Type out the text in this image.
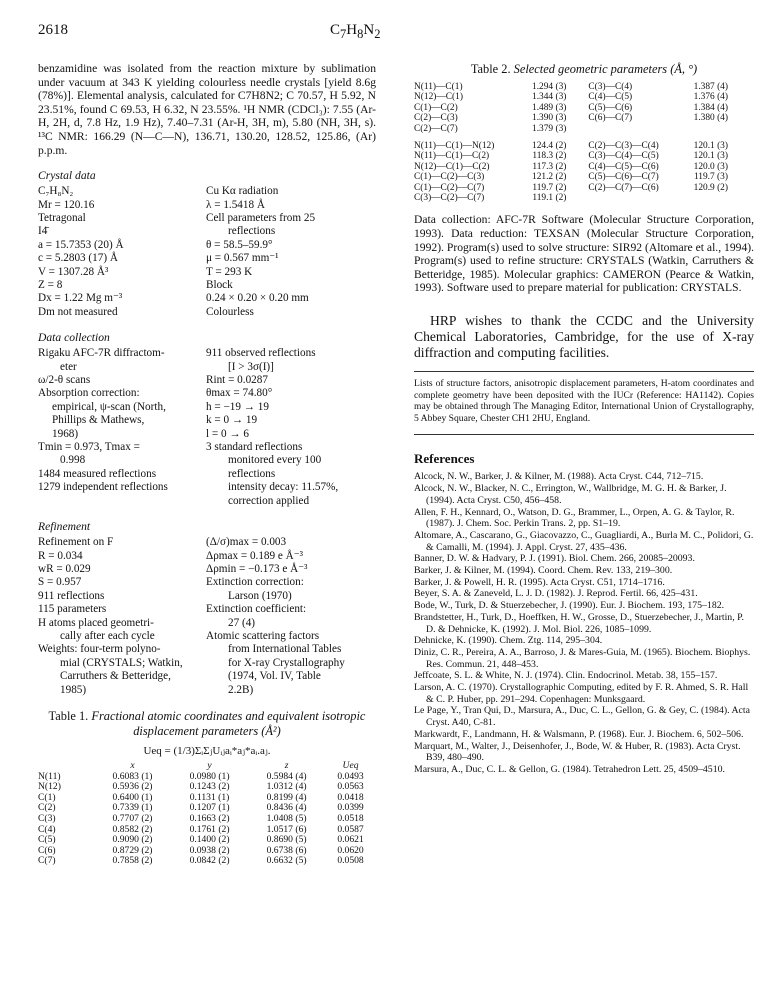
2618	$C_7H_8N_2$

benzamidine was isolated from the reaction mixture by sublimation under vacuum at 343 K yielding colourless needle crystals [yield 8.6g (78%)]. Elemental analysis, calculated for C7H8N2; C 70.57, H 5.92, N 23.51%, found C 69.53, H 6.32, N 23.55%. ¹H NMR (CDCl₃): 7.55 (Ar-H, 2H, d, 7.8 Hz, 1.9 Hz), 7.40–7.31 (Ar-H, 3H, m), 5.80 (NH, 3H, s). ¹³C NMR: 166.29 (N—C—N), 136.71, 130.20, 128.52, 125.86, (Ar) p.p.m.

Crystal data
C₇H₈N₂
Mr = 120.16
Tetragonal
I4̄
a = 15.7353 (20) Å
c = 5.2803 (17) Å
V = 1307.28 Å³
Z = 8
Dx = 1.22 Mg m⁻³
Dm not measured
Cu Kα radiation
λ = 1.5418 Å
Cell parameters from 25
reflections
θ = 58.5–59.9°
μ = 0.567 mm⁻¹
T = 293 K
Block
0.24 × 0.20 × 0.20 mm
Colourless
Data collection
Rigaku AFC-7R diffractom-
eter
ω/2-θ scans
Absorption correction:
empirical, ψ-scan (North,
Phillips & Mathews,
1968)
Tmin = 0.973, Tmax =
0.998
1484 measured reflections
1279 independent reflections
911 observed reflections
[I > 3σ(I)]
Rint = 0.0287
θmax = 74.80°
h = −19 → 19
k = 0 → 19
l = 0 → 6
3 standard reflections
monitored every 100
reflections
intensity decay: 11.57%,
correction applied
Refinement
Refinement on F
R = 0.034
wR = 0.029
S = 0.957
911 reflections
115 parameters
H atoms placed geometri-
cally after each cycle
Weights: four-term polyno-
mial (CRYSTALS; Watkin,
Carruthers & Betteridge,
1985)
(Δ/σ)max = 0.003
Δρmax = 0.189 e Å⁻³
Δρmin = −0.173 e Å⁻³
Extinction correction:
Larson (1970)
Extinction coefficient:
27 (4)
Atomic scattering factors
from International Tables
for X-ray Crystallography
(1974, Vol. IV, Table
2.2B)
Table 1. Fractional atomic coordinates and equivalent isotropic displacement parameters (Å²)
Ueq = (1/3)ΣᵢΣⱼUᵢⱼaᵢ*aⱼ*aᵢ.aⱼ.
	x	y	z	Ueq
N(11)	0.6083 (1)	0.0980 (1)	0.5984 (4)	0.0493
N(12)	0.5936 (2)	0.1243 (2)	1.0312 (4)	0.0563
C(1)	0.6400 (1)	0.1131 (1)	0.8199 (4)	0.0418
C(2)	0.7339 (1)	0.1207 (1)	0.8436 (4)	0.0399
C(3)	0.7707 (2)	0.1663 (2)	1.0408 (5)	0.0518
C(4)	0.8582 (2)	0.1761 (2)	1.0517 (6)	0.0587
C(5)	0.9090 (2)	0.1400 (2)	0.8690 (5)	0.0621
C(6)	0.8729 (2)	0.0938 (2)	0.6738 (6)	0.0620
C(7)	0.7858 (2)	0.0842 (2)	0.6632 (5)	0.0508
Table 2. Selected geometric parameters (Å, °)
N(11)—C(1)	1.294 (3)	C(3)—C(4)	1.387 (4)
N(12)—C(1)	1.344 (3)	C(4)—C(5)	1.376 (4)
C(1)—C(2)	1.489 (3)	C(5)—C(6)	1.384 (4)
C(2)—C(3)	1.390 (3)	C(6)—C(7)	1.380 (4)
C(2)—C(7)	1.379 (3)		

N(11)—C(1)—N(12)	124.4 (2)	C(2)—C(3)—C(4)	120.1 (3)
N(11)—C(1)—C(2)	118.3 (2)	C(3)—C(4)—C(5)	120.1 (3)
N(12)—C(1)—C(2)	117.3 (2)	C(4)—C(5)—C(6)	120.0 (3)
C(1)—C(2)—C(3)	121.2 (2)	C(5)—C(6)—C(7)	119.7 (3)
C(1)—C(2)—C(7)	119.7 (2)	C(2)—C(7)—C(6)	120.9 (2)
C(3)—C(2)—C(7)	119.1 (2)		

Data collection: AFC-7R Software (Molecular Structure Corporation, 1993). Data reduction: TEXSAN (Molecular Structure Corporation, 1992). Program(s) used to solve structure: SIR92 (Altomare et al., 1994). Program(s) used to refine structure: CRYSTALS (Watkin, Carruthers & Betteridge, 1985). Molecular graphics: CAMERON (Pearce & Watkin, 1993). Software used to prepare material for publication: CRYSTALS.

HRP wishes to thank the CCDC and the University Chemical Laboratories, Cambridge, for the use of X-ray diffraction and computing facilities.

Lists of structure factors, anisotropic displacement parameters, H-atom coordinates and complete geometry have been deposited with the IUCr (Reference: HA1142). Copies may be obtained through The Managing Editor, International Union of Crystallography, 5 Abbey Square, Chester CH1 2HU, England.

References
Alcock, N. W., Barker, J. & Kilner, M. (1988). Acta Cryst. C44, 712–715.
Alcock, N. W., Blacker, N. C., Errington, W., Wallbridge, M. G. H. & Barker, J. (1994). Acta Cryst. C50, 456–458.
Allen, F. H., Kennard, O., Watson, D. G., Brammer, L., Orpen, A. G. & Taylor, R. (1987). J. Chem. Soc. Perkin Trans. 2, pp. S1–19.
Altomare, A., Cascarano, G., Giacovazzo, C., Guagliardi, A., Burla M. C., Polidori, G. & Camalli, M. (1994). J. Appl. Cryst. 27, 435–436.
Banner, D. W. & Hadvary, P. J. (1991). Biol. Chem. 266, 20085–20093.
Barker, J. & Kilner, M. (1994). Coord. Chem. Rev. 133, 219–300.
Barker, J. & Powell, H. R. (1995). Acta Cryst. C51, 1714–1716.
Beyer, S. A. & Zaneveld, L. J. D. (1982). J. Reprod. Fertil. 66, 425–431.
Bode, W., Turk, D. & Stuerzebecher, J. (1990). Eur. J. Biochem. 193, 175–182.
Brandstetter, H., Turk, D., Hoeffken, H. W., Grosse, D., Stuerzebecher, J., Martin, P. D. & Dehnicke, K. (1992). J. Mol. Biol. 226, 1085–1099.
Dehnicke, K. (1990). Chem. Ztg. 114, 295–304.
Diniz, C. R., Pereira, A. A., Barroso, J. & Mares-Guia, M. (1965). Biochem. Biophys. Res. Commun. 21, 448–453.
Jeffcoate, S. L. & White, N. J. (1974). Clin. Endocrinol. Metab. 38, 155–157.
Larson, A. C. (1970). Crystallographic Computing, edited by F. R. Ahmed, S. R. Hall & C. P. Huber, pp. 291–294. Copenhagen: Munksgaard.
Le Page, Y., Tran Qui, D., Marsura, A., Duc, C. L., Gellon, G. & Gey, C. (1984). Acta Cryst. A40, C-81.
Markwardt, F., Landmann, H. & Walsmann, P. (1968). Eur. J. Biochem. 6, 502–506.
Marquart, M., Walter, J., Deisenhofer, J., Bode, W. & Huber, R. (1983). Acta Cryst. B39, 480–490.
Marsura, A., Duc, C. L. & Gellon, G. (1984). Tetrahedron Lett. 25, 4509–4510.
